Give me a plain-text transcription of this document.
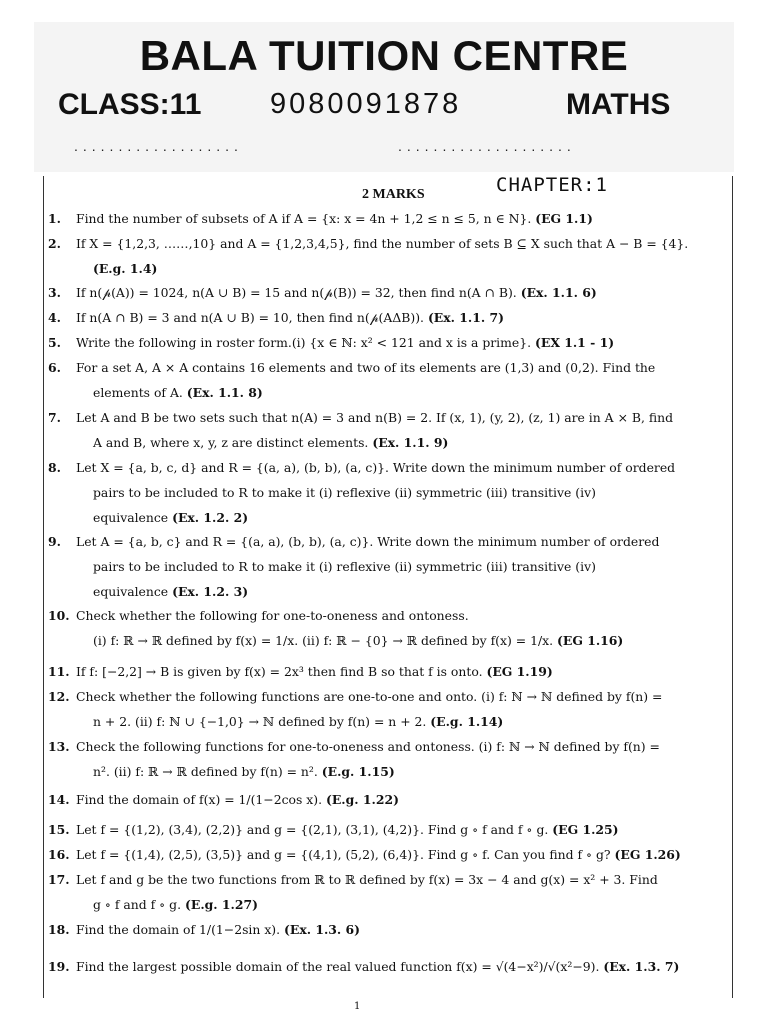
BALA TUITION CENTRE
CLASS:11 9080091878	MATHS
...................	....................
CHAPTER:1
2 MARKS
1. Find the number of subsets of A if A = {x: x = 4n + 1,2 ≤ n ≤ 5, n ∈ N}. (EG 1.1)
2. If X = {1,2,3, ……,10} and A = {1,2,3,4,5}, find the number of sets B ⊆ X such that A − B = {4}.
(E.g. 1.4)
3. If n(𝓅(A)) = 1024, n(A ∪ B) = 15 and n(𝓅(B)) = 32, then find n(A ∩ B). (Ex. 1.1. 6)
4. If n(A ∩ B) = 3 and n(A ∪ B) = 10, then find n(𝓅(AΔB)). (Ex. 1.1. 7)
5. Write the following in roster form.(i) {x ∈ ℕ: x² < 121 and x is a prime}. (EX 1.1 - 1)
6. For a set A, A × A contains 16 elements and two of its elements are (1,3) and (0,2). Find the
elements of A. (Ex. 1.1. 8)
7. Let A and B be two sets such that n(A) = 3 and n(B) = 2. If (x, 1), (y, 2), (z, 1) are in A × B, find
A and B, where x, y, z are distinct elements. (Ex. 1.1. 9)
8. Let X = {a, b, c, d} and R = {(a, a), (b, b), (a, c)}. Write down the minimum number of ordered
pairs to be included to R to make it (i) reflexive (ii) symmetric (iii) transitive (iv)
equivalence (Ex. 1.2. 2)
9. Let A = {a, b, c} and R = {(a, a), (b, b), (a, c)}. Write down the minimum number of ordered
pairs to be included to R to make it (i) reflexive (ii) symmetric (iii) transitive (iv)
equivalence (Ex. 1.2. 3)
10. Check whether the following for one-to-oneness and ontoness.
(i) f: ℝ → ℝ defined by f(x) = 1/x. (ii) f: ℝ − {0} → ℝ defined by f(x) = 1/x. (EG 1.16)
11. If f: [−2,2] → B is given by f(x) = 2x³ then find B so that f is onto. (EG 1.19)
12. Check whether the following functions are one-to-one and onto. (i) f: ℕ → ℕ defined by f(n) =
n + 2. (ii) f: ℕ ∪ {−1,0} → ℕ defined by f(n) = n + 2. (E.g. 1.14)
13. Check the following functions for one-to-oneness and ontoness. (i) f: ℕ → ℕ defined by f(n) =
n². (ii) f: ℝ → ℝ defined by f(n) = n². (E.g. 1.15)
14. Find the domain of f(x) = 1/(1−2cos x). (E.g. 1.22)
15. Let f = {(1,2), (3,4), (2,2)} and g = {(2,1), (3,1), (4,2)}. Find g ∘ f and f ∘ g. (EG 1.25)
16. Let f = {(1,4), (2,5), (3,5)} and g = {(4,1), (5,2), (6,4)}. Find g ∘ f. Can you find f ∘ g? (EG 1.26)
17. Let f and g be the two functions from ℝ to ℝ defined by f(x) = 3x − 4 and g(x) = x² + 3. Find
g ∘ f and f ∘ g. (E.g. 1.27)
18. Find the domain of 1/(1−2sin x). (Ex. 1.3. 6)
19. Find the largest possible domain of the real valued function f(x) = √(4−x²)/√(x²−9). (Ex. 1.3. 7)
1
